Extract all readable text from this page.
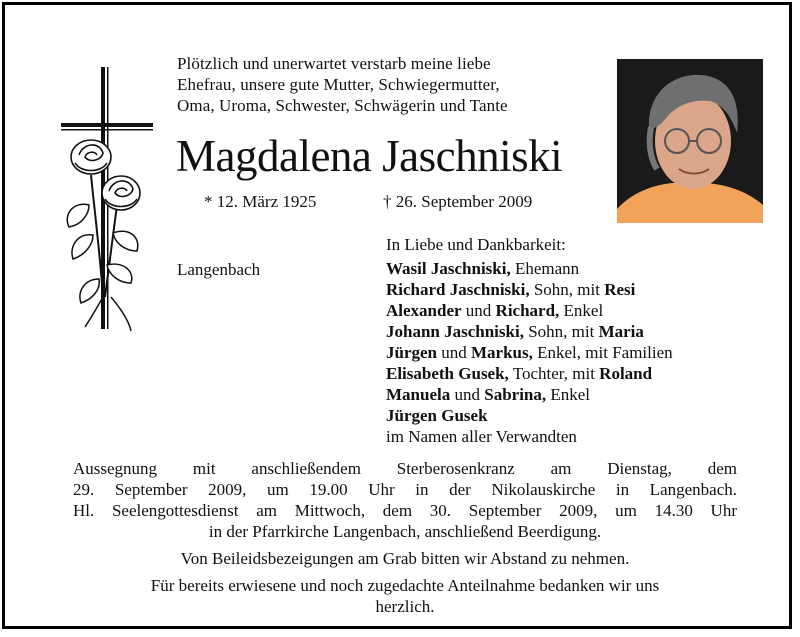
Plötzlich und unerwartet verstarb meine liebe
Ehefrau, unsere gute Mutter, Schwiegermutter,
Oma, Uroma, Schwester, Schwägerin und Tante
Magdalena Jaschniski
* 12. März 1925	† 26. September 2009
In Liebe und Dankbarkeit:
Langenbach	Wasil Jaschniski, Ehemann
Richard Jaschniski, Sohn, mit Resi
Alexander und Richard, Enkel
Johann Jaschniski, Sohn, mit Maria
Jürgen und Markus, Enkel, mit Familien
Elisabeth Gusek, Tochter, mit Roland
Manuela und Sabrina, Enkel
Jürgen Gusek
im Namen aller Verwandten
Aussegnung mit anschließendem Sterberosenkranz am Dienstag, dem
29. September 2009, um 19.00 Uhr in der Nikolauskirche in Langenbach.
Hl. Seelengottesdienst am Mittwoch, dem 30. September 2009, um 14.30 Uhr
in der Pfarrkirche Langenbach, anschließend Beerdigung.
Von Beileidsbezeigungen am Grab bitten wir Abstand zu nehmen.
Für bereits erwiesene und noch zugedachte Anteilnahme bedanken wir uns
herzlich.
